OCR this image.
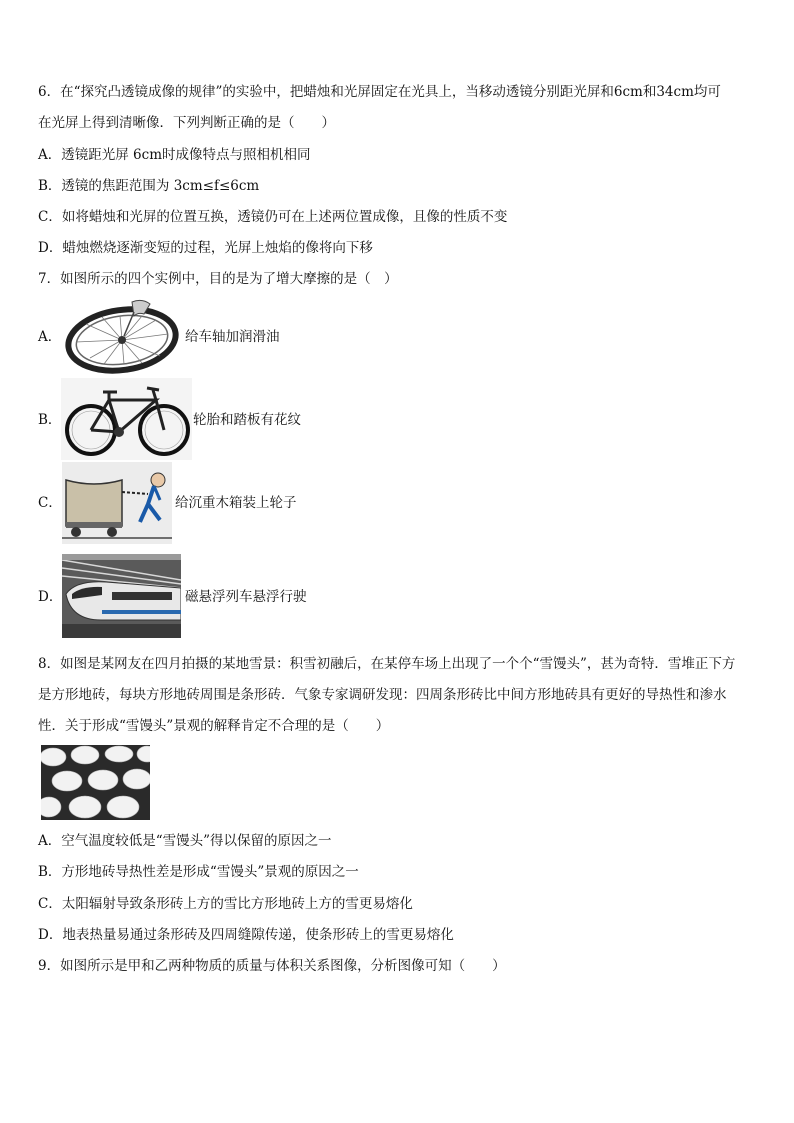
6．在“探究凸透镜成像的规律”的实验中，把蜡烛和光屏固定在光具上，当移动透镜分别距光屏和6cm和34cm均可
在光屏上得到清晰像．下列判断正确的是（　　）
A．透镜距光屏 6cm时成像特点与照相机相同
B．透镜的焦距范围为 3cm≤f≤6cm
C．如将蜡烛和光屏的位置互换，透镜仍可在上述两位置成像，且像的性质不变
D．蜡烛燃烧逐渐变短的过程，光屏上烛焰的像将向下移
7．如图所示的四个实例中，目的是为了增大摩擦的是（　）
A．	给车轴加润滑油
B．	轮胎和踏板有花纹
C．	给沉重木箱装上轮子
D．	磁悬浮列车悬浮行驶
8．如图是某网友在四月拍摄的某地雪景：积雪初融后，在某停车场上出现了一个个“雪馒头”，甚为奇特．雪堆正下方
是方形地砖，每块方形地砖周围是条形砖．气象专家调研发现：四周条形砖比中间方形地砖具有更好的导热性和渗水
性．关于形成“雪馒头”景观的解释肯定不合理的是（　　）
A．空气温度较低是“雪馒头”得以保留的原因之一
B．方形地砖导热性差是形成“雪馒头”景观的原因之一
C．太阳辐射导致条形砖上方的雪比方形地砖上方的雪更易熔化
D．地表热量易通过条形砖及四周缝隙传递，使条形砖上的雪更易熔化
9．如图所示是甲和乙两种物质的质量与体积关系图像，分析图像可知（　　）
